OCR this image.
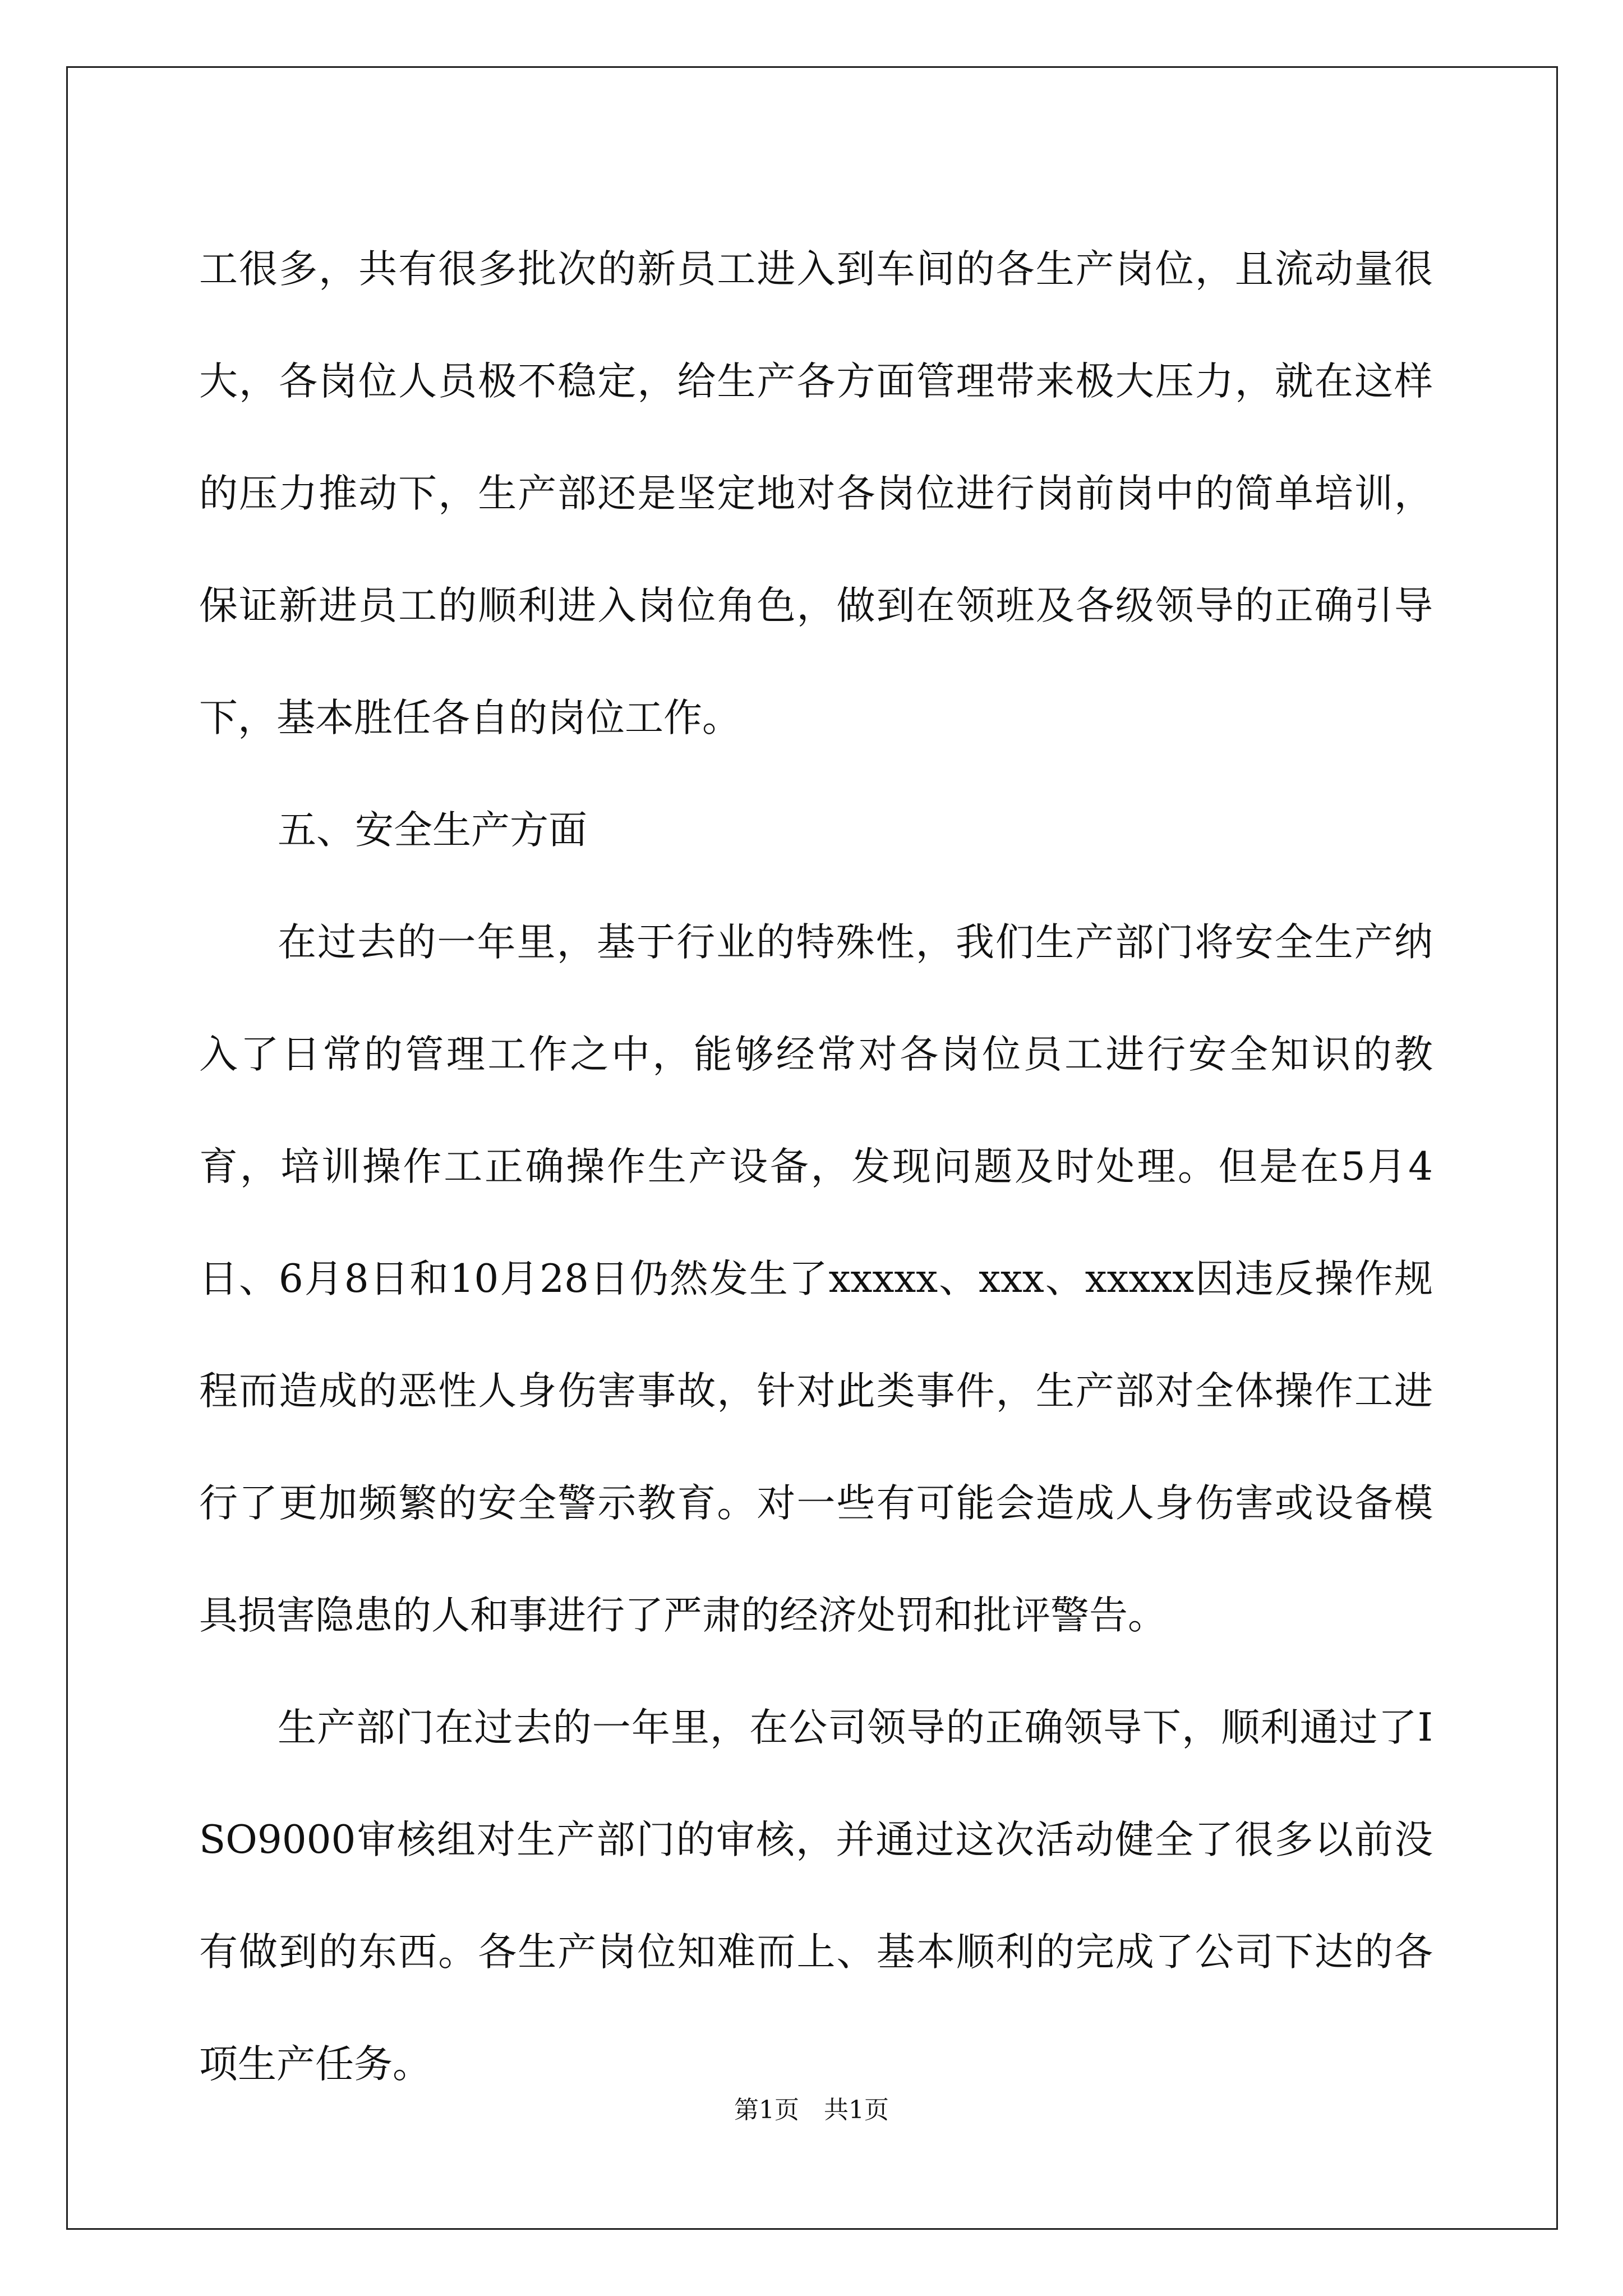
工很多，共有很多批次的新员工进入到车间的各生产岗位，且流动量很大，各岗位人员极不稳定，给生产各方面管理带来极大压力，就在这样的压力推动下，生产部还是坚定地对各岗位进行岗前岗中的简单培训，保证新进员工的顺利进入岗位角色，做到在领班及各级领导的正确引导下，基本胜任各自的岗位工作。

五、安全生产方面

在过去的一年里，基于行业的特殊性，我们生产部门将安全生产纳入了日常的管理工作之中，能够经常对各岗位员工进行安全知识的教育，培训操作工正确操作生产设备，发现问题及时处理。但是在5月4日、6月8日和10月28日仍然发生了xxxxx、xxx、xxxxx因违反操作规程而造成的恶性人身伤害事故，针对此类事件，生产部对全体操作工进行了更加频繁的安全警示教育。对一些有可能会造成人身伤害或设备模具损害隐患的人和事进行了严肃的经济处罚和批评警告。

生产部门在过去的一年里，在公司领导的正确领导下，顺利通过了ISO9000审核组对生产部门的审核，并通过这次活动健全了很多以前没有做到的东西。各生产岗位知难而上、基本顺利的完成了公司下达的各项生产任务。

第1页　共1页
